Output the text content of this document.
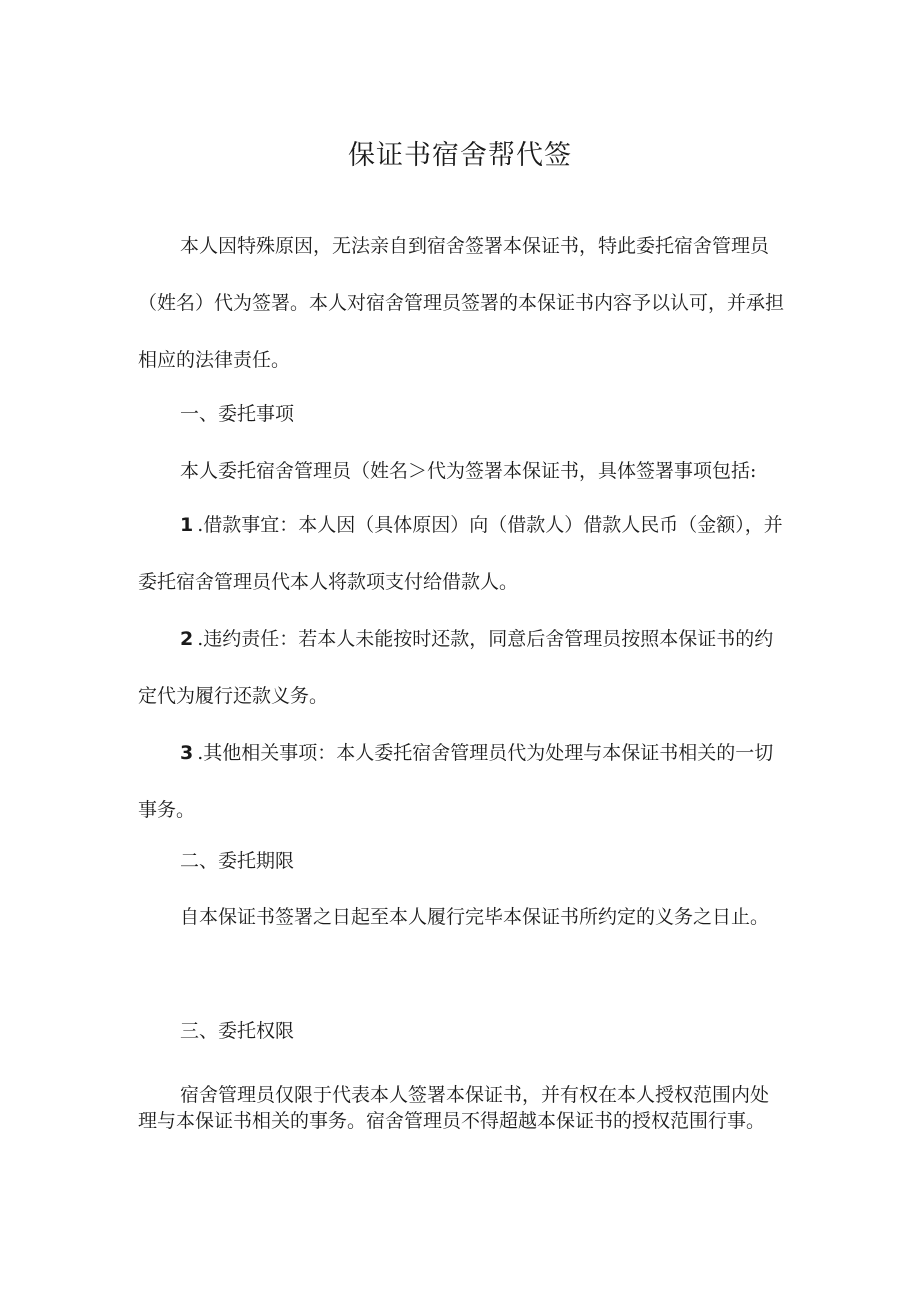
保证书宿舍帮代签

本人因特殊原因，无法亲自到宿舍签署本保证书，特此委托宿舍管理员（姓名）代为签署。本人对宿舍管理员签署的本保证书内容予以认可，并承担相应的法律责任。

一、委托事项

本人委托宿舍管理员（姓名＞代为签署本保证书，具体签署事项包括:

1.借款事宜：本人因（具体原因）向（借款人）借款人民币（金额），并委托宿舍管理员代本人将款项支付给借款人。

2.违约责任：若本人未能按时还款，同意后舍管理员按照本保证书的约定代为履行还款义务。

3.其他相关事项：本人委托宿舍管理员代为处理与本保证书相关的一切事务。

二、委托期限

自本保证书签署之日起至本人履行完毕本保证书所约定的义务之日止。

三、委托权限

宿舍管理员仅限于代表本人签署本保证书，并有权在本人授权范围内处理与本保证书相关的事务。宿舍管理员不得超越本保证书的授权范围行事。
